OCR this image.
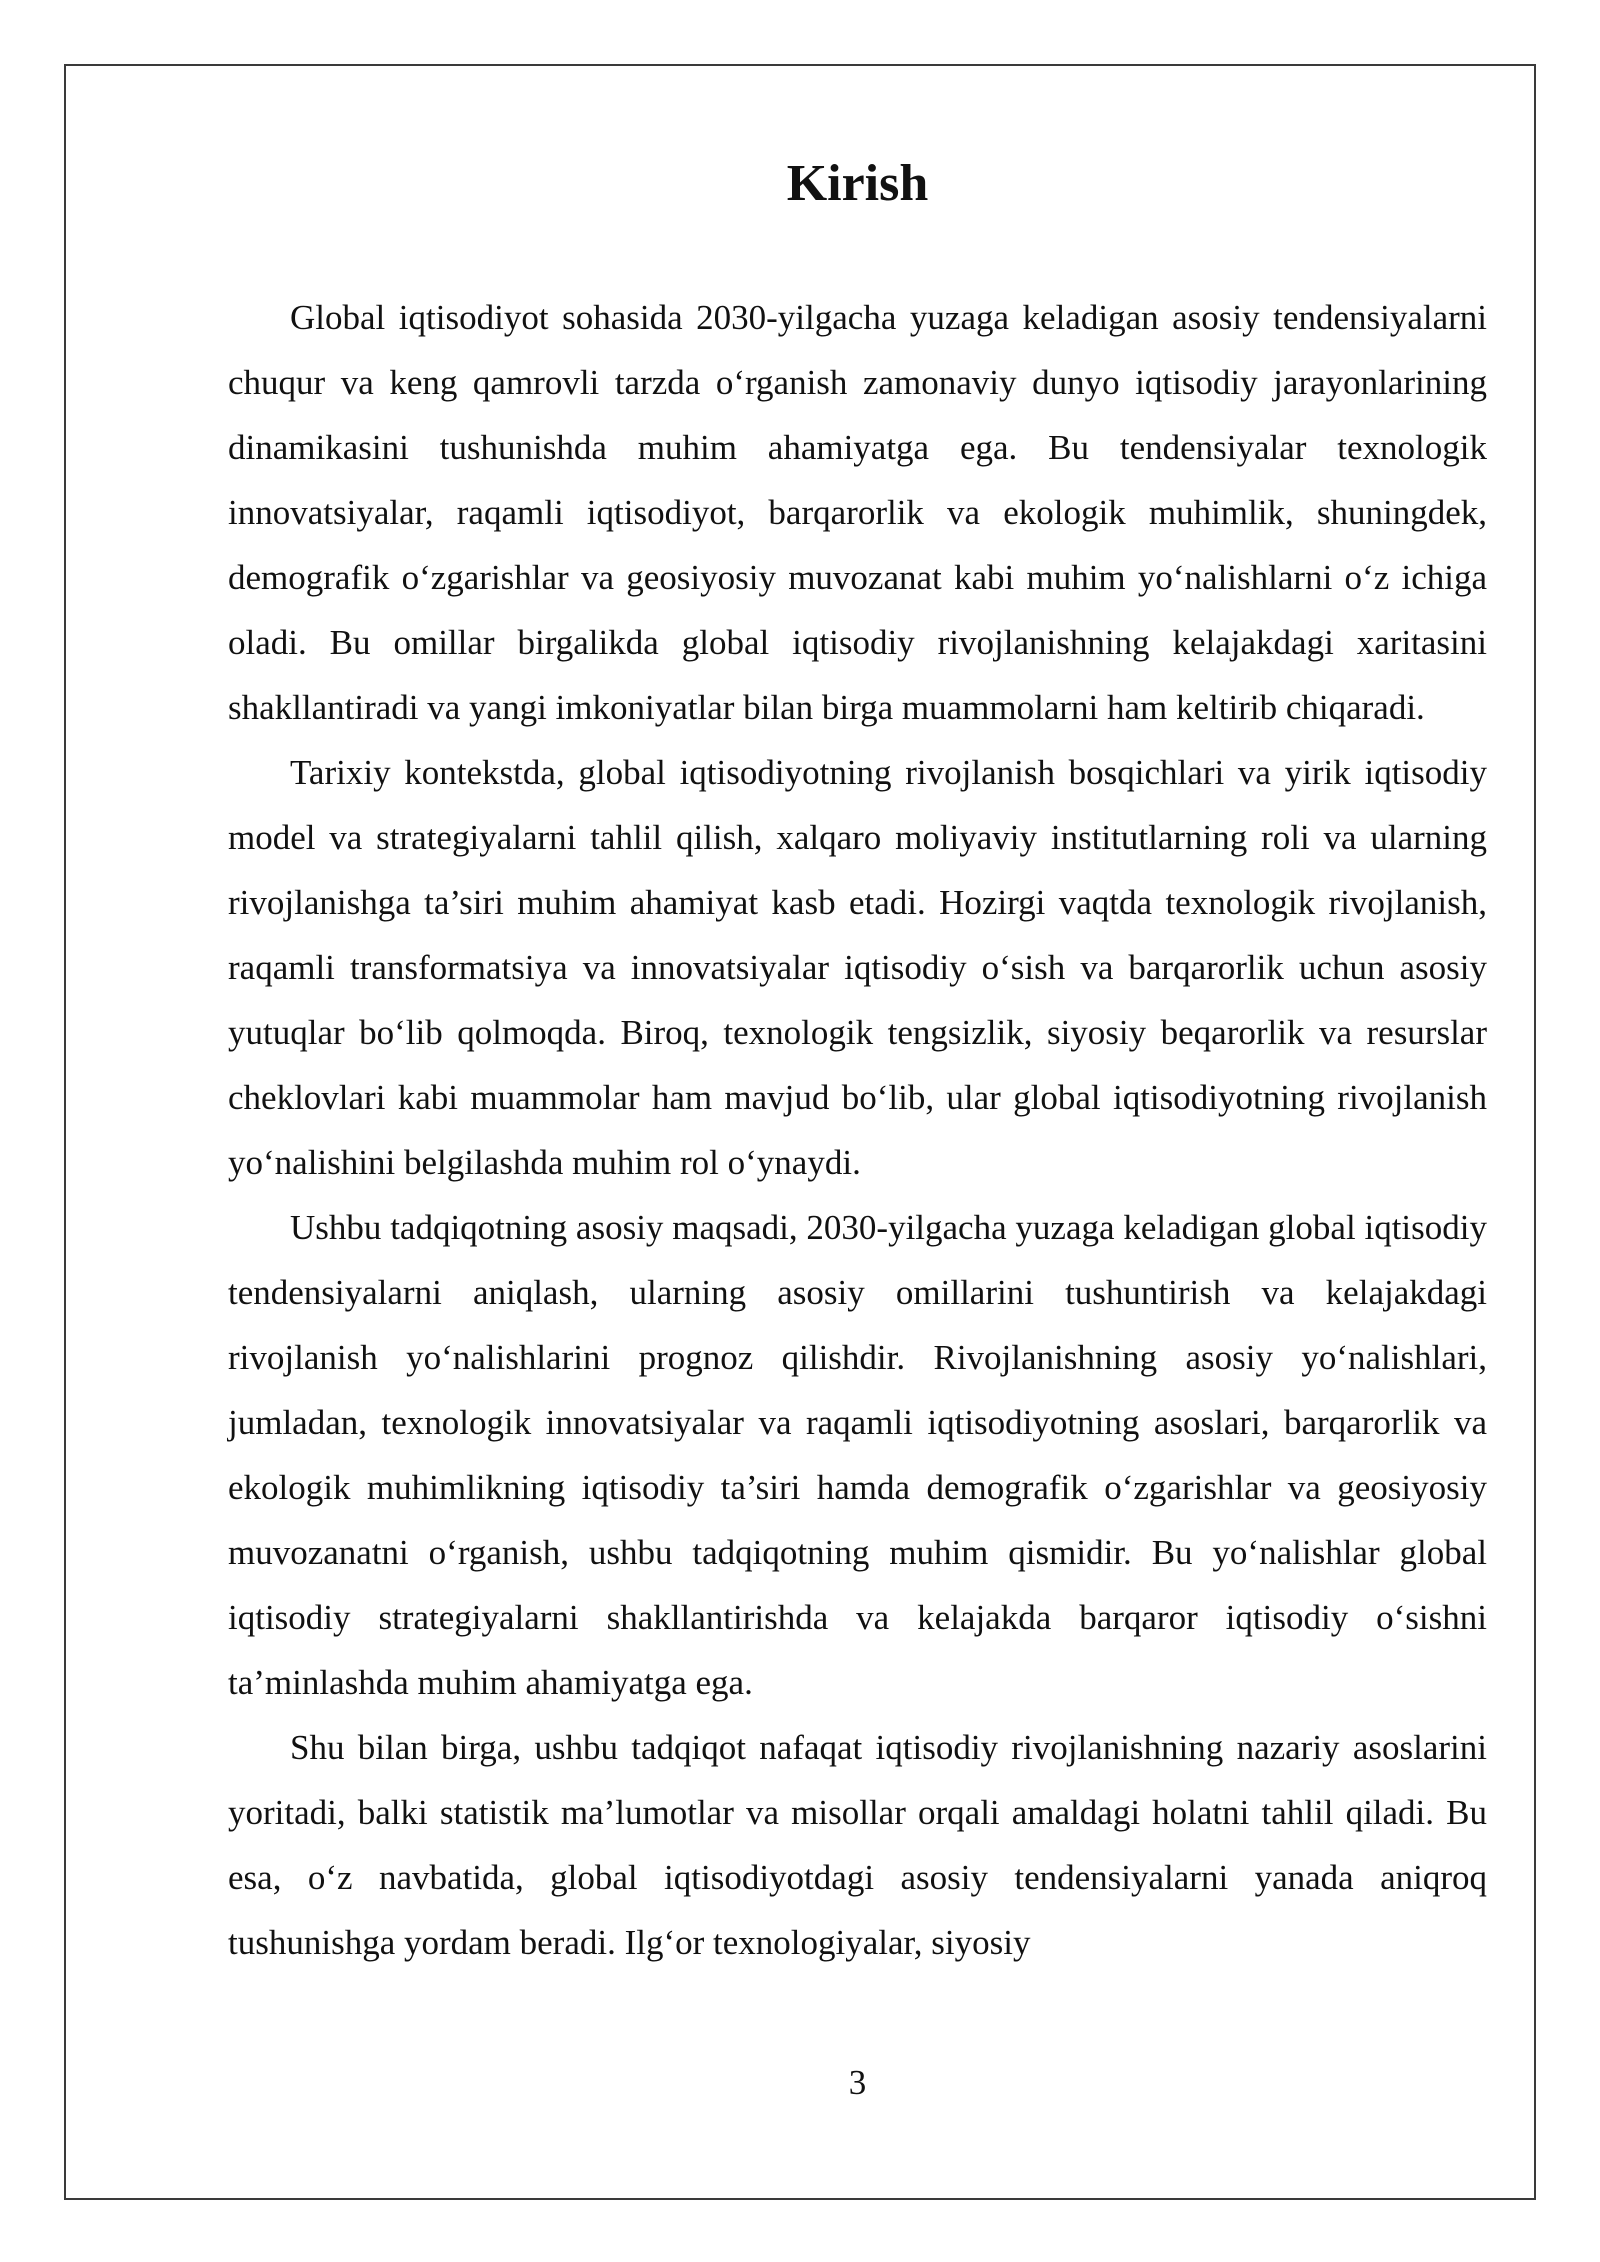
Kirish

Global iqtisodiyot sohasida 2030-yilgacha yuzaga keladigan asosiy tendensiyalarni chuqur va keng qamrovli tarzda o‘rganish zamonaviy dunyo iqtisodiy jarayonlarining dinamikasini tushunishda muhim ahamiyatga ega. Bu tendensiyalar texnologik innovatsiyalar, raqamli iqtisodiyot, barqarorlik va ekologik muhimlik, shuningdek, demografik o‘zgarishlar va geosiyosiy muvozanat kabi muhim yo‘nalishlarni o‘z ichiga oladi. Bu omillar birgalikda global iqtisodiy rivojlanishning kelajakdagi xaritasini shakllantiradi va yangi imkoniyatlar bilan birga muammolarni ham keltirib chiqaradi.

Tarixiy kontekstda, global iqtisodiyotning rivojlanish bosqichlari va yirik iqtisodiy model va strategiyalarni tahlil qilish, xalqaro moliyaviy institutlarning roli va ularning rivojlanishga ta’siri muhim ahamiyat kasb etadi. Hozirgi vaqtda texnologik rivojlanish, raqamli transformatsiya va innovatsiyalar iqtisodiy o‘sish va barqarorlik uchun asosiy yutuqlar bo‘lib qolmoqda. Biroq, texnologik tengsizlik, siyosiy beqarorlik va resurslar cheklovlari kabi muammolar ham mavjud bo‘lib, ular global iqtisodiyotning rivojlanish yo‘nalishini belgilashda muhim rol o‘ynaydi.

Ushbu tadqiqotning asosiy maqsadi, 2030-yilgacha yuzaga keladigan global iqtisodiy tendensiyalarni aniqlash, ularning asosiy omillarini tushuntirish va kelajakdagi rivojlanish yo‘nalishlarini prognoz qilishdir. Rivojlanishning asosiy yo‘nalishlari, jumladan, texnologik innovatsiyalar va raqamli iqtisodiyotning asoslari, barqarorlik va ekologik muhimlikning iqtisodiy ta’siri hamda demografik o‘zgarishlar va geosiyosiy muvozanatni o‘rganish, ushbu tadqiqotning muhim qismidir. Bu yo‘nalishlar global iqtisodiy strategiyalarni shakllantirishda va kelajakda barqaror iqtisodiy o‘sishni ta’minlashda muhim ahamiyatga ega.

Shu bilan birga, ushbu tadqiqot nafaqat iqtisodiy rivojlanishning nazariy asoslarini yoritadi, balki statistik ma’lumotlar va misollar orqali amaldagi holatni tahlil qiladi. Bu esa, o‘z navbatida, global iqtisodiyotdagi asosiy tendensiyalarni yanada aniqroq tushunishga yordam beradi. Ilg‘or texnologiyalar, siyosiy

3
